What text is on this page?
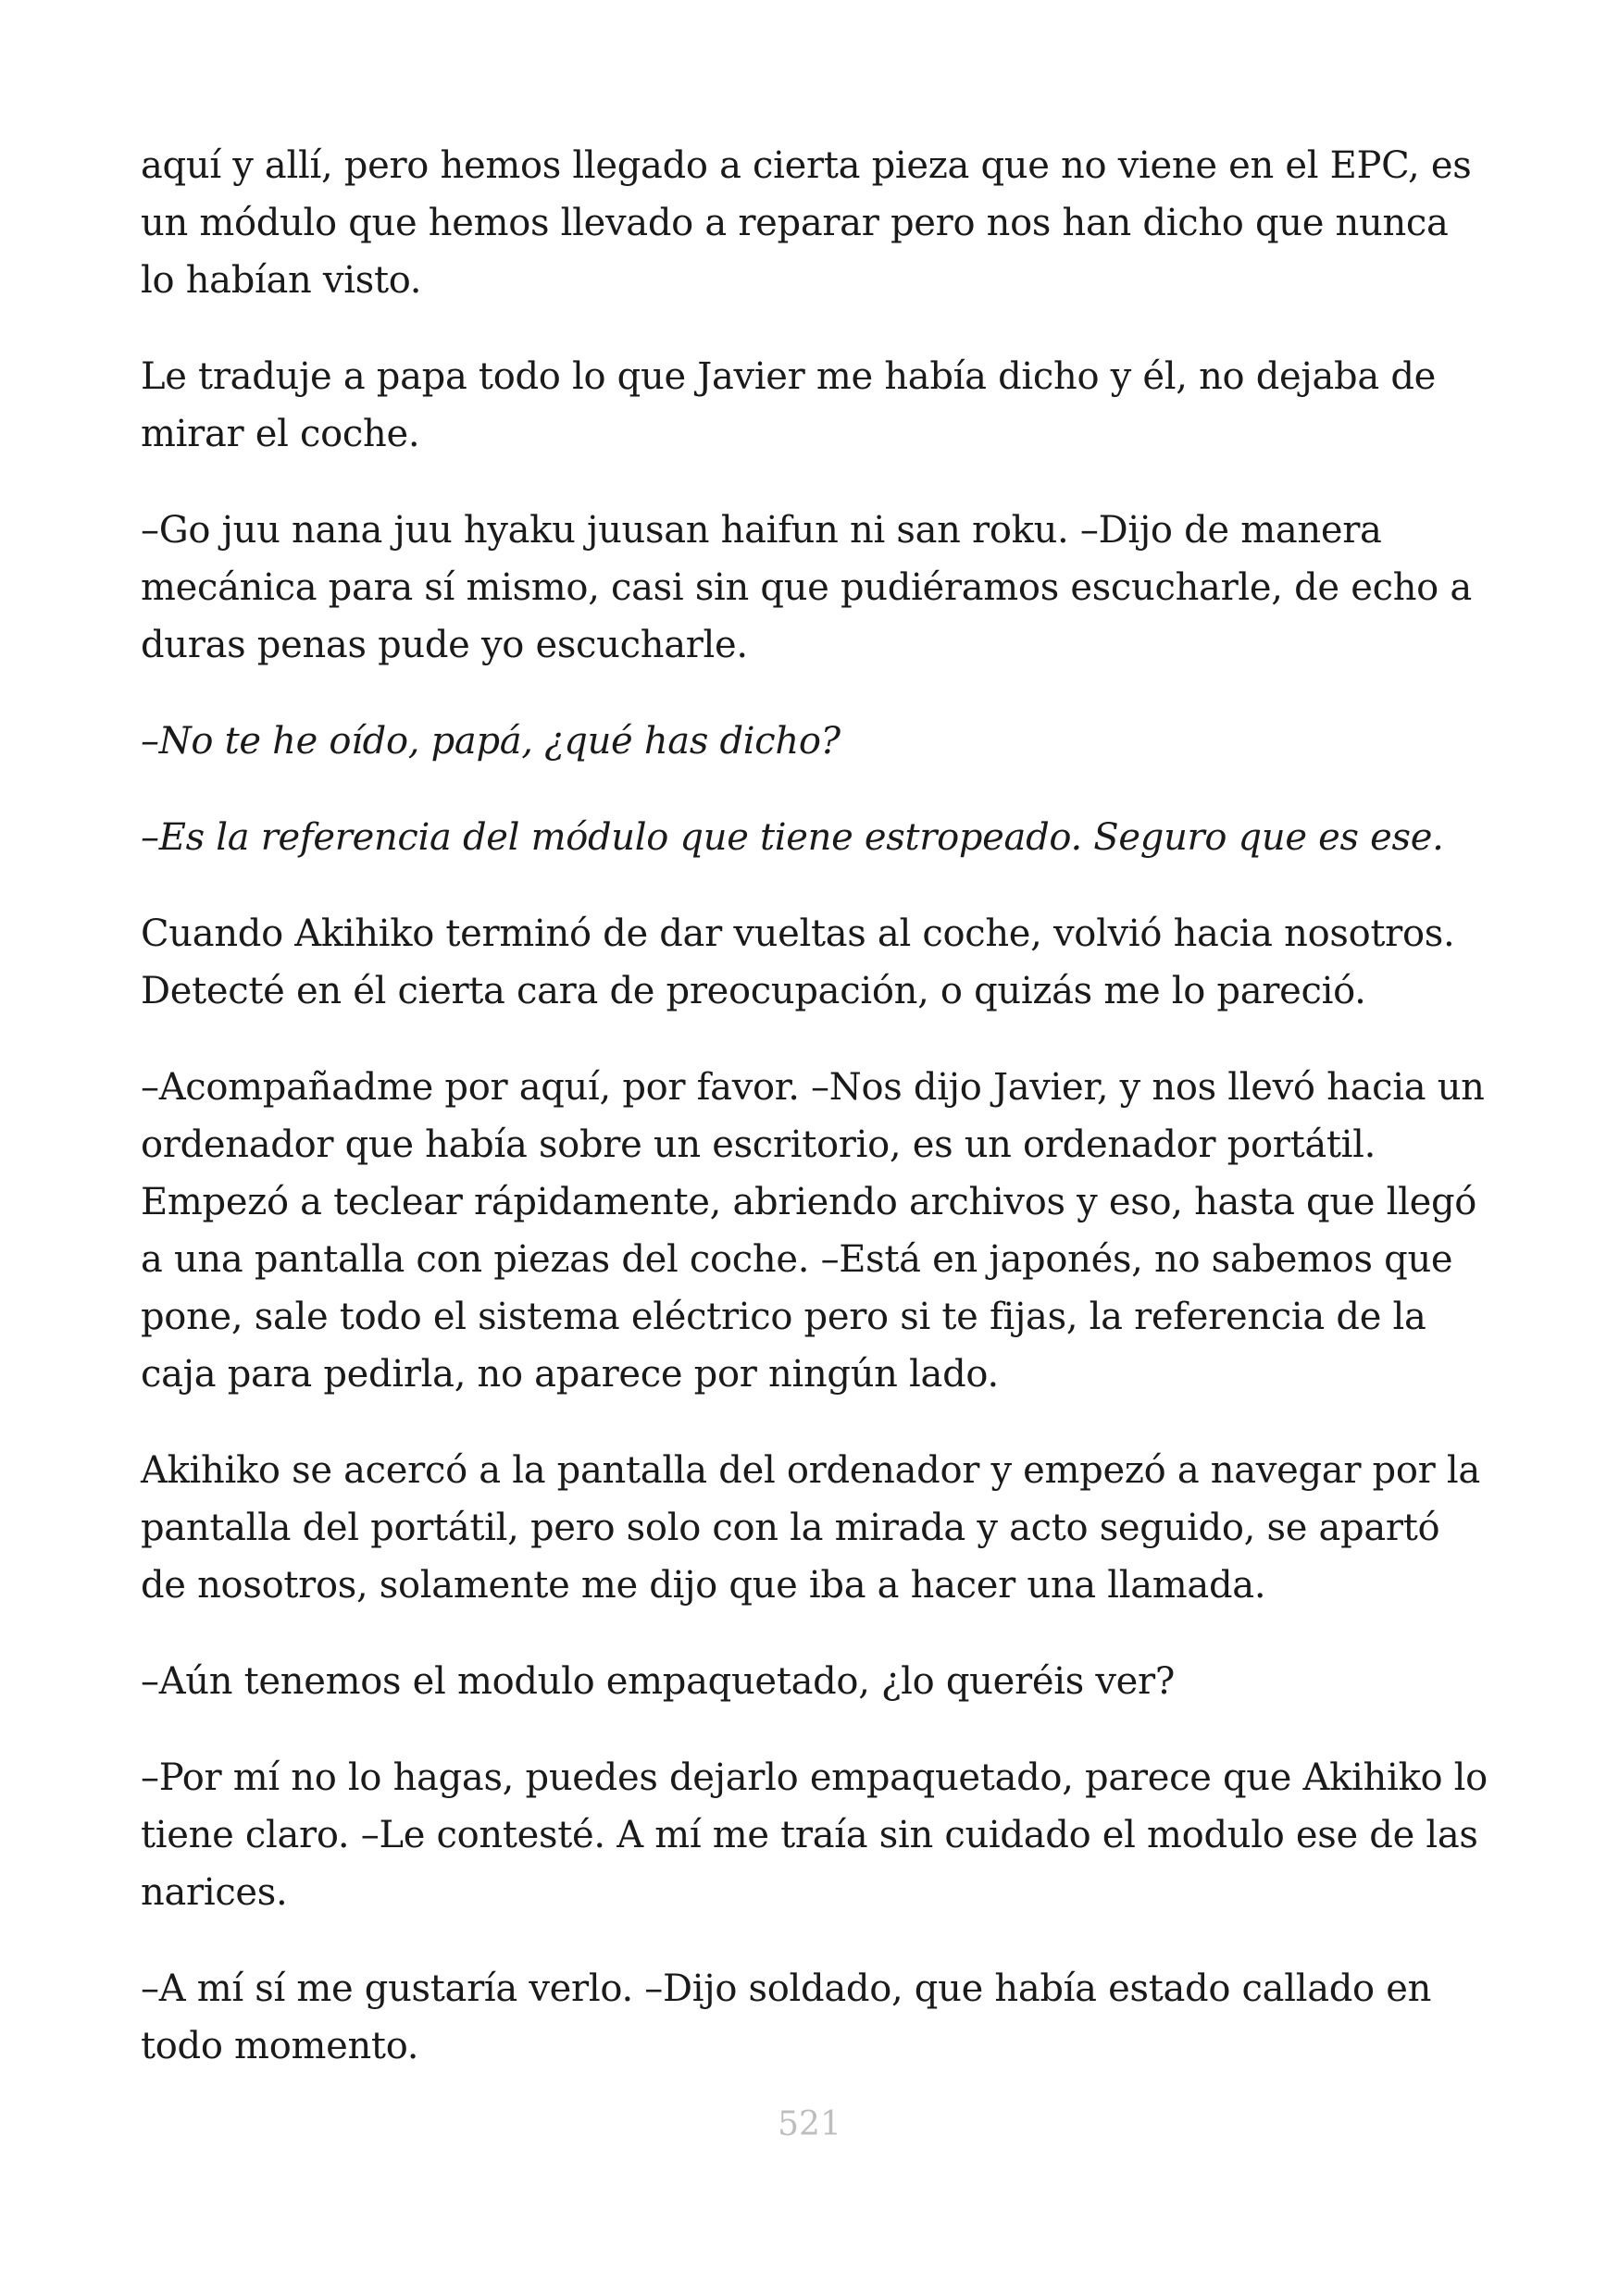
aquí y allí, pero hemos llegado a cierta pieza que no viene en el EPC, es un módulo que hemos llevado a reparar pero nos han dicho que nunca lo habían visto.

Le traduje a papa todo lo que Javier me había dicho y él, no dejaba de mirar el coche.

–Go juu nana juu hyaku juusan haifun ni san roku. –Dijo de manera mecánica para sí mismo, casi sin que pudiéramos escucharle, de echo a duras penas pude yo escucharle.

–No te he oído, papá, ¿qué has dicho?

–Es la referencia del módulo que tiene estropeado. Seguro que es ese.

Cuando Akihiko terminó de dar vueltas al coche, volvió hacia nosotros. Detecté en él cierta cara de preocupación, o quizás me lo pareció.

–Acompañadme por aquí, por favor. –Nos dijo Javier, y nos llevó hacia un ordenador que había sobre un escritorio, es un ordenador portátil. Empezó a teclear rápidamente, abriendo archivos y eso, hasta que llegó a una pantalla con piezas del coche. –Está en japonés, no sabemos que pone, sale todo el sistema eléctrico pero si te fijas, la referencia de la caja para pedirla, no aparece por ningún lado.

Akihiko se acercó a la pantalla del ordenador y empezó a navegar por la pantalla del portátil, pero solo con la mirada y acto seguido, se apartó de nosotros, solamente me dijo que iba a hacer una llamada.

–Aún tenemos el modulo empaquetado, ¿lo queréis ver?

–Por mí no lo hagas, puedes dejarlo empaquetado, parece que Akihiko lo tiene claro. –Le contesté. A mí me traía sin cuidado el modulo ese de las narices.

–A mí sí me gustaría verlo. –Dijo soldado, que había estado callado en todo momento.

521
